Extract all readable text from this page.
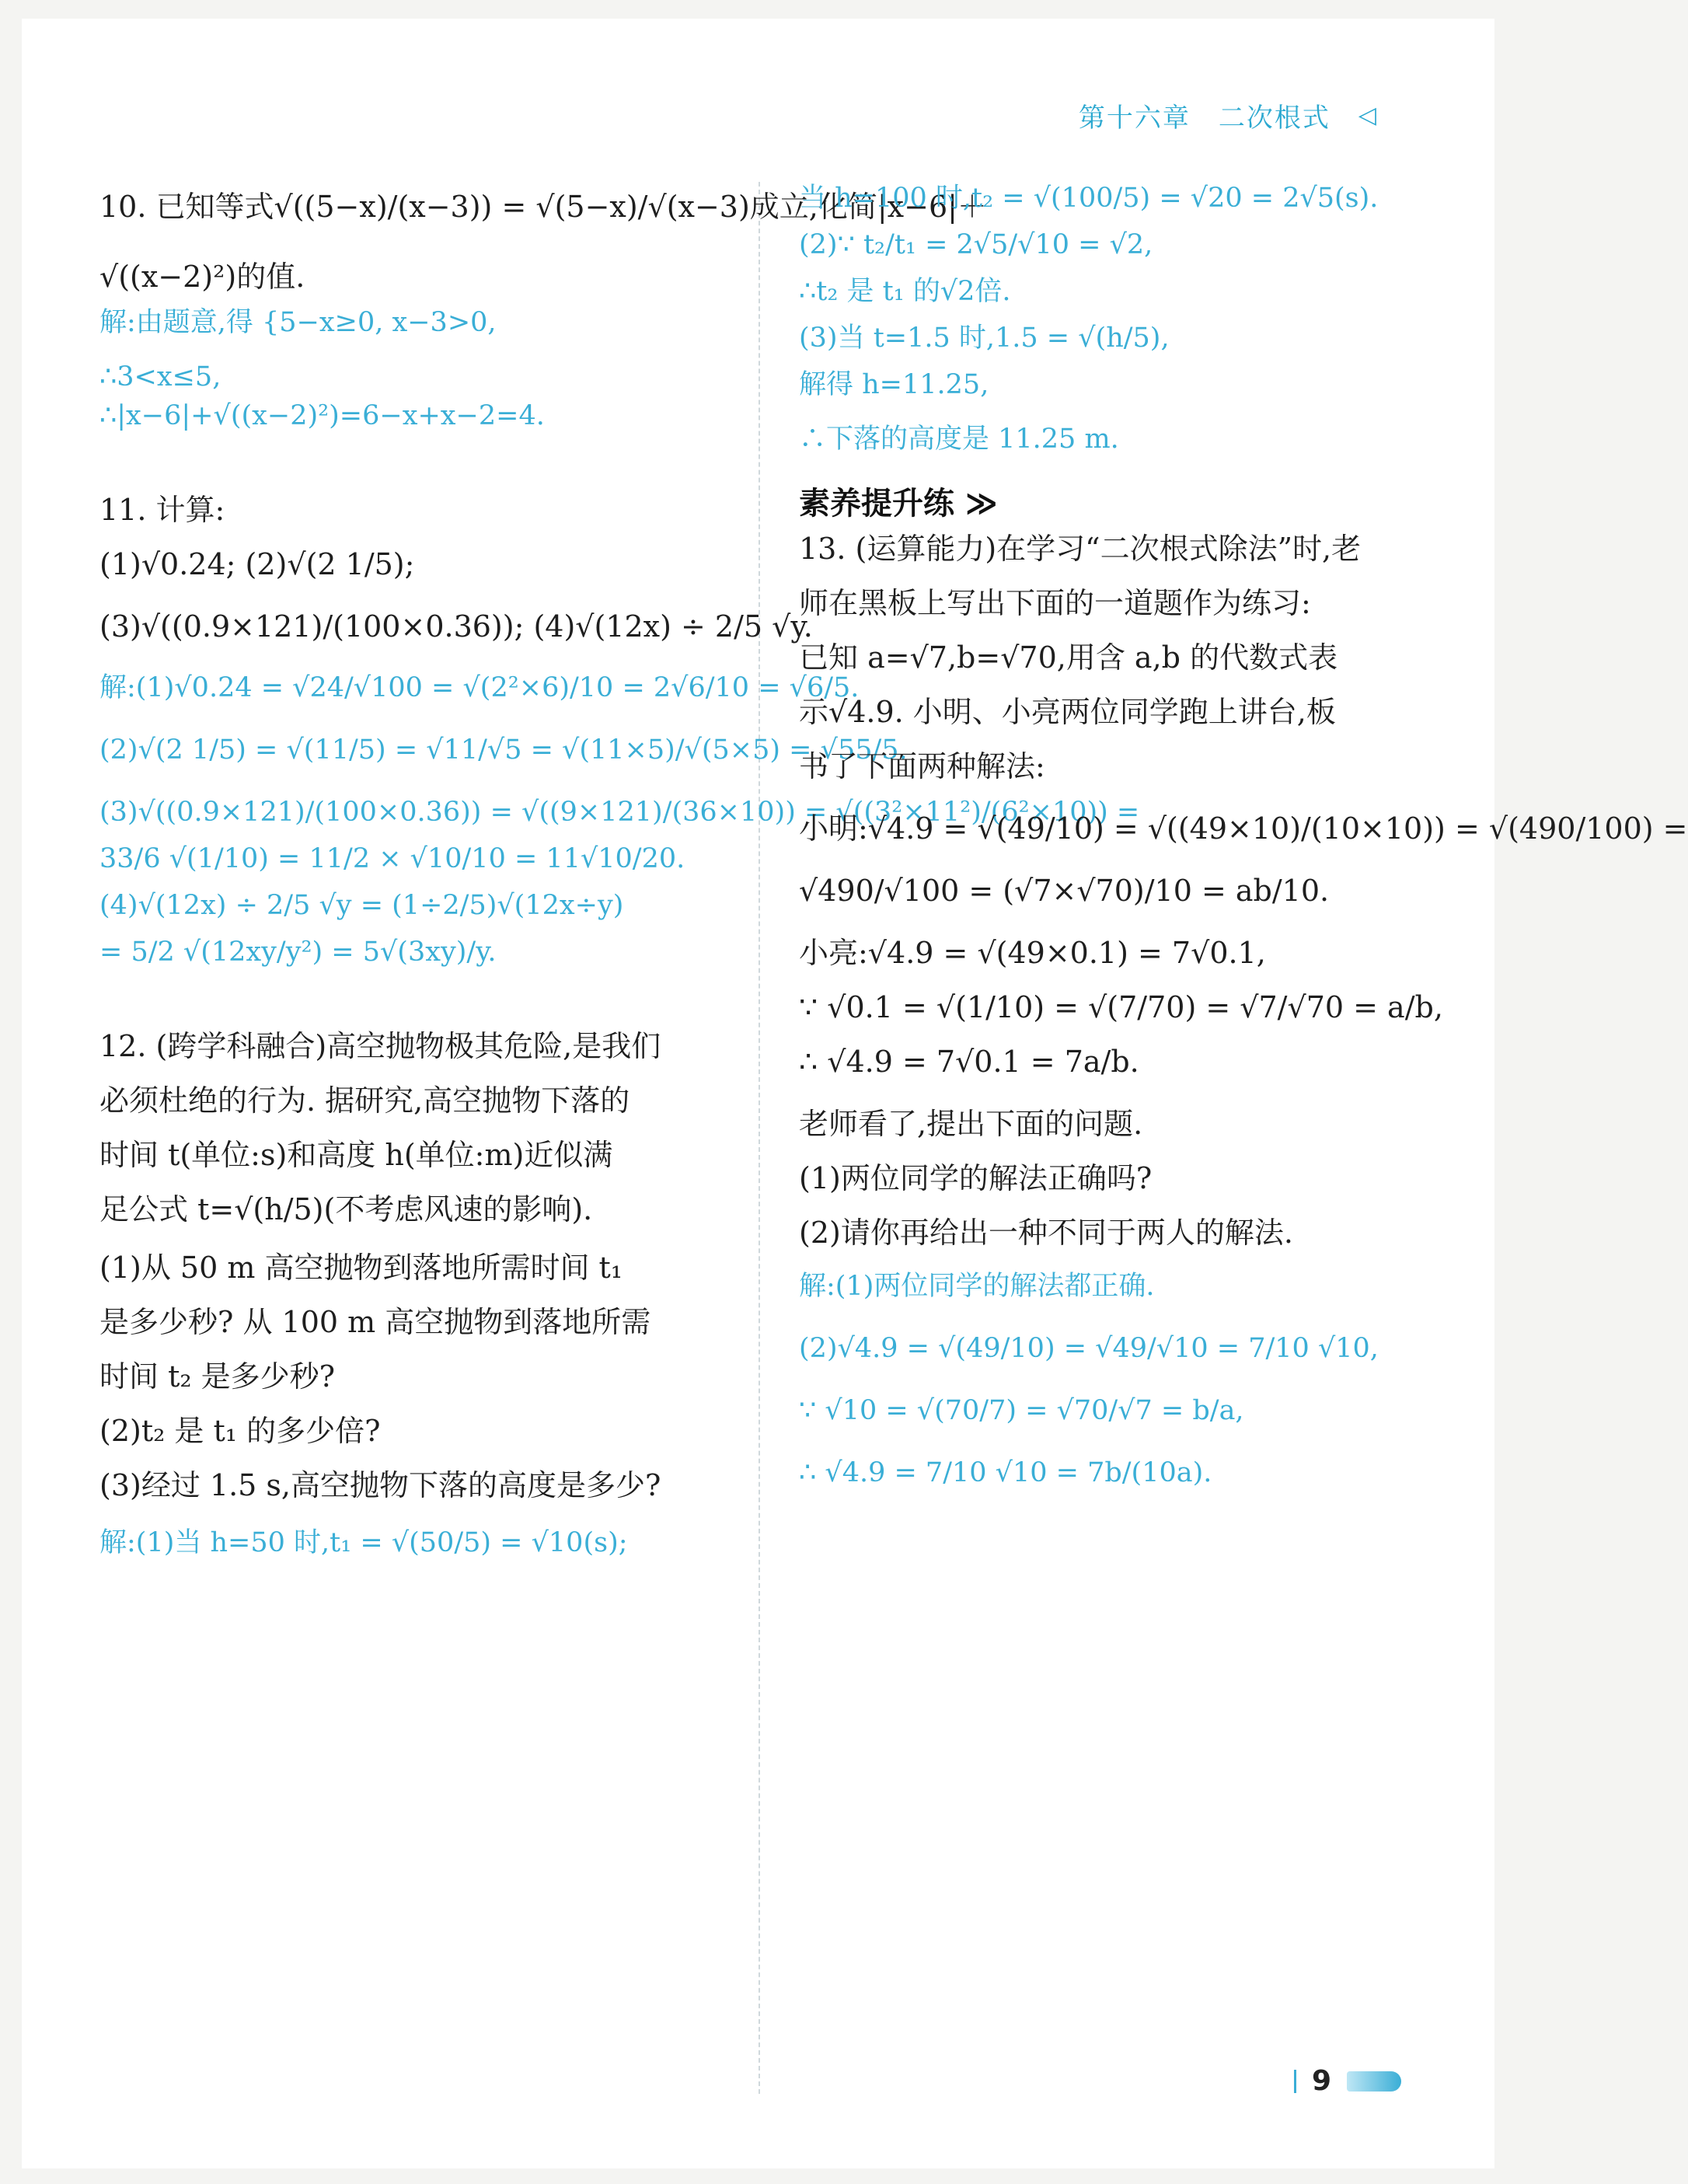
第十六章 二次根式 ◁
10. 已知等式√((5−x)/(x−3)) = √(5−x)/√(x−3)成立,化简|x−6|＋
√((x−2)²)的值.
解:由题意,得 {5−x≥0, x−3>0,
∴3<x≤5,
∴|x−6|+√((x−2)²)=6−x+x−2=4.
11. 计算:
(1)√0.24; (2)√(2 1/5);
(3)√((0.9×121)/(100×0.36)); (4)√(12x) ÷ 2/5 √y.
解:(1)√0.24 = √24/√100 = √(2²×6)/10 = 2√6/10 = √6/5.
(2)√(2 1/5) = √(11/5) = √11/√5 = √(11×5)/√(5×5) = √55/5.
(3)√((0.9×121)/(100×0.36)) = √((9×121)/(36×10)) = √((3²×11²)/(6²×10)) =
33/6 √(1/10) = 11/2 × √10/10 = 11√10/20.
(4)√(12x) ÷ 2/5 √y = (1÷2/5)√(12x÷y)
= 5/2 √(12xy/y²) = 5√(3xy)/y.
12. (跨学科融合)高空抛物极其危险,是我们
必须杜绝的行为. 据研究,高空抛物下落的
时间 t(单位:s)和高度 h(单位:m)近似满
足公式 t=√(h/5)(不考虑风速的影响).
(1)从 50 m 高空抛物到落地所需时间 t₁
是多少秒? 从 100 m 高空抛物到落地所需
时间 t₂ 是多少秒?
(2)t₂ 是 t₁ 的多少倍?
(3)经过 1.5 s,高空抛物下落的高度是多少?
解:(1)当 h=50 时,t₁ = √(50/5) = √10(s);
当 h=100 时,t₂ = √(100/5) = √20 = 2√5(s).
(2)∵ t₂/t₁ = 2√5/√10 = √2,
∴t₂ 是 t₁ 的√2倍.
(3)当 t=1.5 时,1.5 = √(h/5),
解得 h=11.25,
∴下落的高度是 11.25 m.
素养提升练 ≫
13. (运算能力)在学习“二次根式除法”时,老
师在黑板上写出下面的一道题作为练习:
已知 a=√7,b=√70,用含 a,b 的代数式表
示√4.9. 小明、小亮两位同学跑上讲台,板
书了下面两种解法:
小明:√4.9 = √(49/10) = √((49×10)/(10×10)) = √(490/100) =
√490/√100 = (√7×√70)/10 = ab/10.
小亮:√4.9 = √(49×0.1) = 7√0.1,
∵ √0.1 = √(1/10) = √(7/70) = √7/√70 = a/b,
∴ √4.9 = 7√0.1 = 7a/b.
老师看了,提出下面的问题.
(1)两位同学的解法正确吗?
(2)请你再给出一种不同于两人的解法.
解:(1)两位同学的解法都正确.
(2)√4.9 = √(49/10) = √49/√10 = 7/10 √10,
∵ √10 = √(70/7) = √70/√7 = b/a,
∴ √4.9 = 7/10 √10 = 7b/(10a).
9
